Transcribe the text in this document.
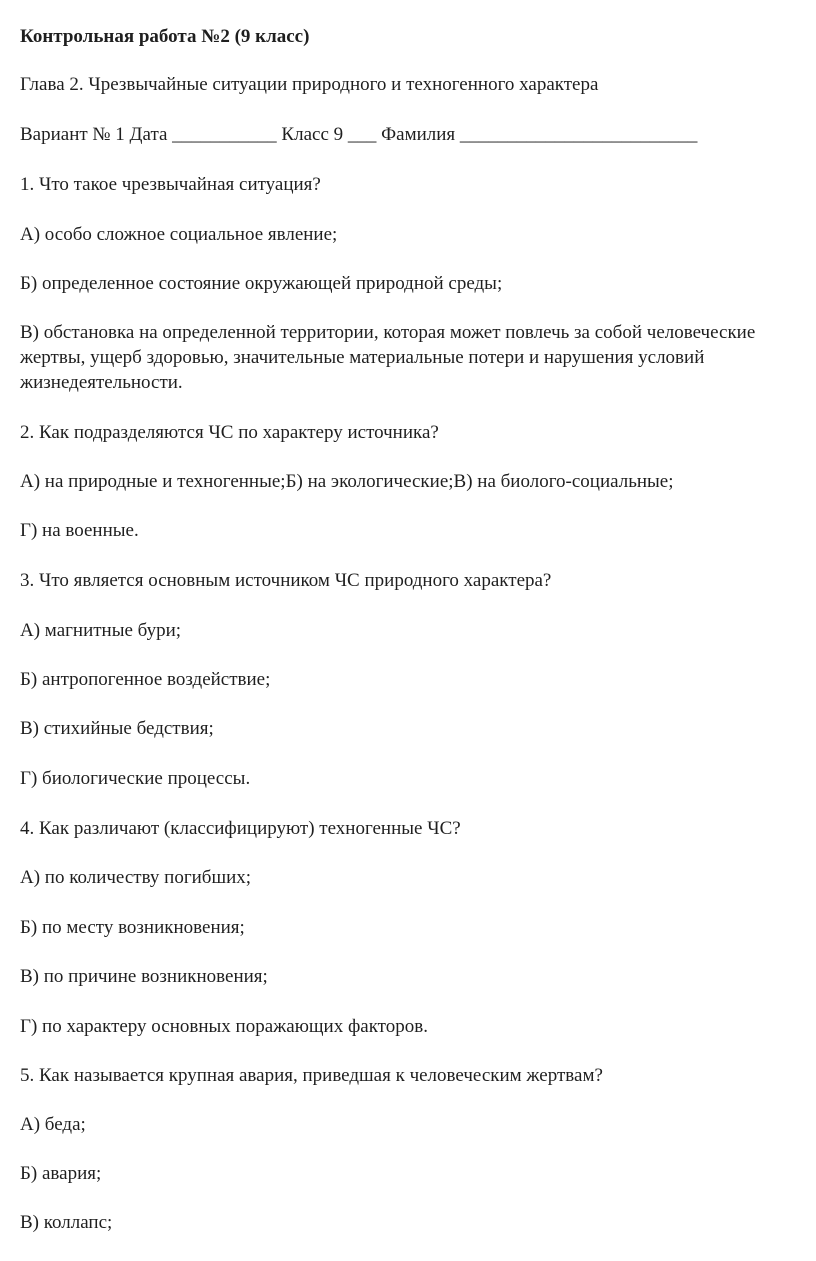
Контрольная работа №2 (9 класс)
Глава 2. Чрезвычайные ситуации природного и техногенного характера
Вариант № 1 Дата ___________ Класс 9 ___ Фамилия _________________________
1. Что такое чрезвычайная ситуация?
А) особо сложное социальное явление;
Б) определенное состояние окружающей природной среды;
В) обстановка на определенной территории, которая может повлечь за собой человеческие жертвы, ущерб здоровью, значительные материальные потери и нарушения условий жизнедеятельности.
2. Как подразделяются ЧС по характеру источника?
А) на природные и техногенные;Б) на экологические;В) на биолого-социальные;
Г) на военные.
3. Что является основным источником ЧС природного характера?
А) магнитные бури;
Б) антропогенное воздействие;
В) стихийные бедствия;
Г) биологические процессы.
4. Как различают (классифицируют) техногенные ЧС?
А) по количеству погибших;
Б) по месту возникновения;
В) по причине возникновения;
Г) по характеру основных поражающих факторов.
5. Как называется крупная авария, приведшая к человеческим жертвам?
А) беда;
Б) авария;
В) коллапс;
